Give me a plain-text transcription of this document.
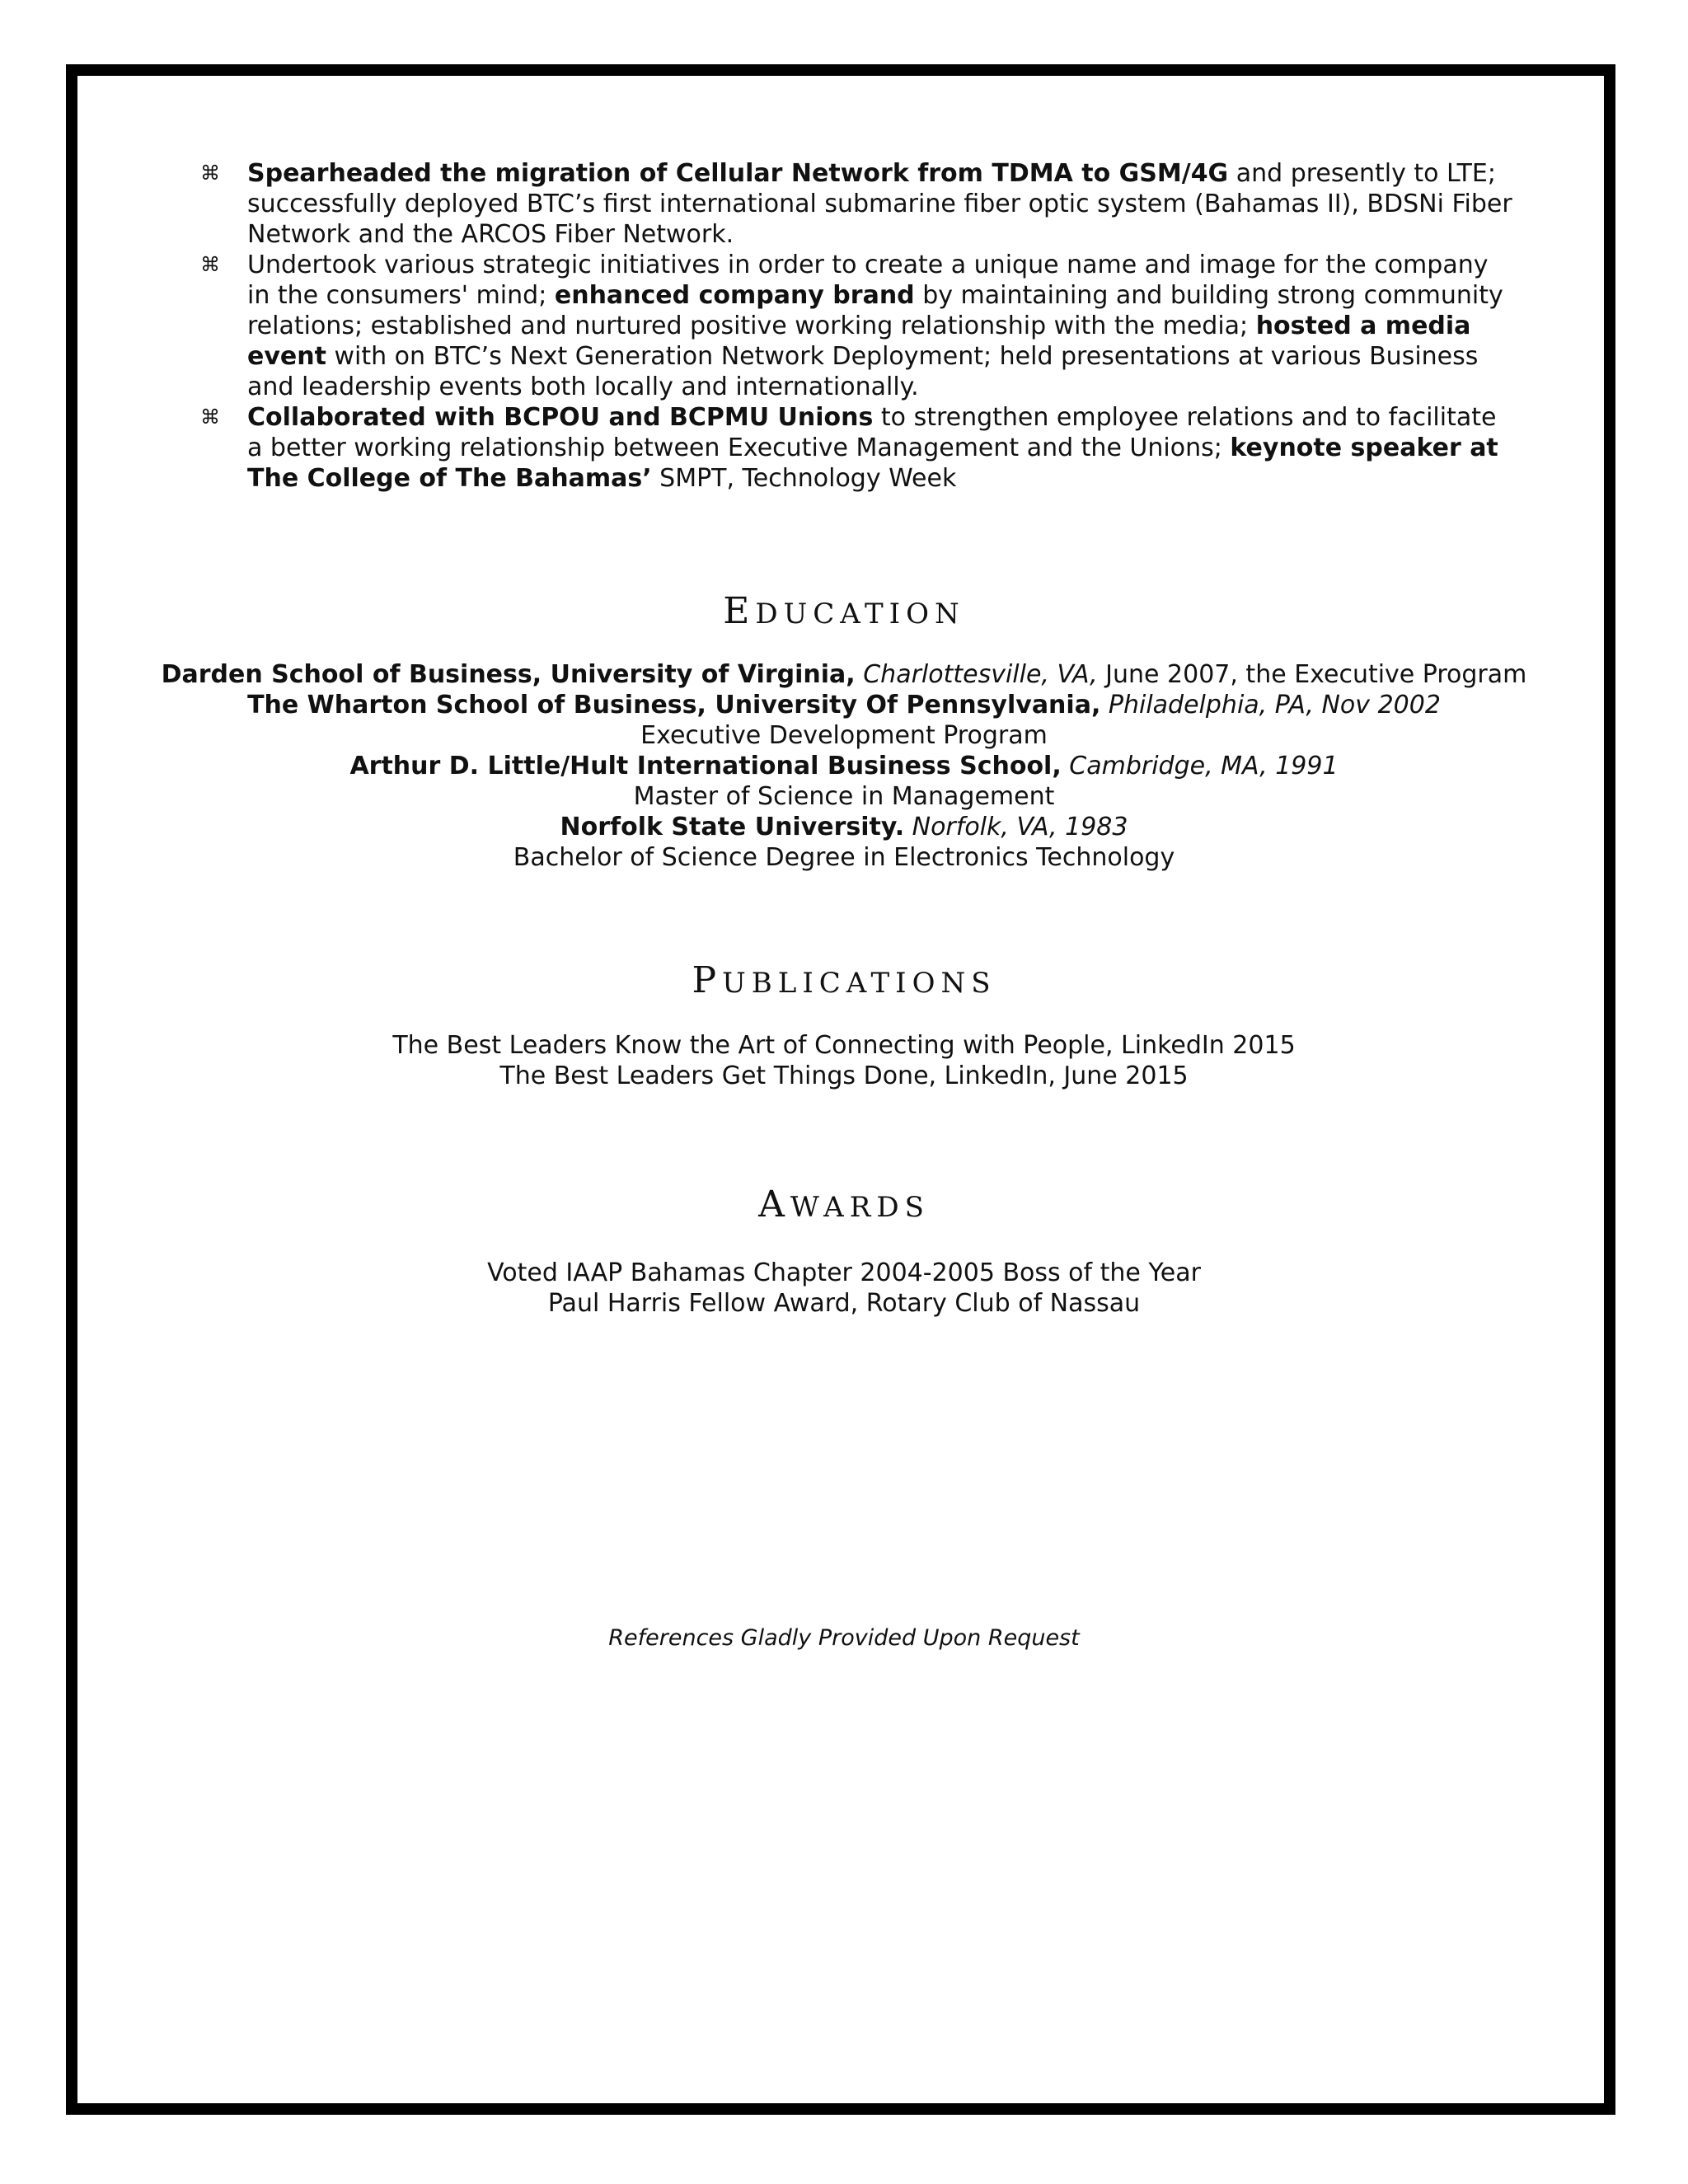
⌘ Spearheaded the migration of Cellular Network from TDMA to GSM/4G and presently to LTE; successfully deployed BTC’s first international submarine fiber optic system (Bahamas II), BDSNi Fiber Network and the ARCOS Fiber Network.
⌘ Undertook various strategic initiatives in order to create a unique name and image for the company in the consumers' mind; enhanced company brand by maintaining and building strong community relations; established and nurtured positive working relationship with the media; hosted a media event with on BTC’s Next Generation Network Deployment; held presentations at various Business and leadership events both locally and internationally.
⌘ Collaborated with BCPOU and BCPMU Unions to strengthen employee relations and to facilitate a better working relationship between Executive Management and the Unions; keynote speaker at The College of The Bahamas’ SMPT, Technology Week
EDUCATION
Darden School of Business, University of Virginia, Charlottesville, VA, June 2007, the Executive Program
The Wharton School of Business, University Of Pennsylvania, Philadelphia, PA, Nov 2002
Executive Development Program
Arthur D. Little/Hult International Business School, Cambridge, MA, 1991
Master of Science in Management
Norfolk State University. Norfolk, VA, 1983
Bachelor of Science Degree in Electronics Technology
PUBLICATIONS
The Best Leaders Know the Art of Connecting with People, LinkedIn 2015
The Best Leaders Get Things Done, LinkedIn, June 2015
AWARDS
Voted IAAP Bahamas Chapter 2004-2005 Boss of the Year
Paul Harris Fellow Award, Rotary Club of Nassau
References Gladly Provided Upon Request
